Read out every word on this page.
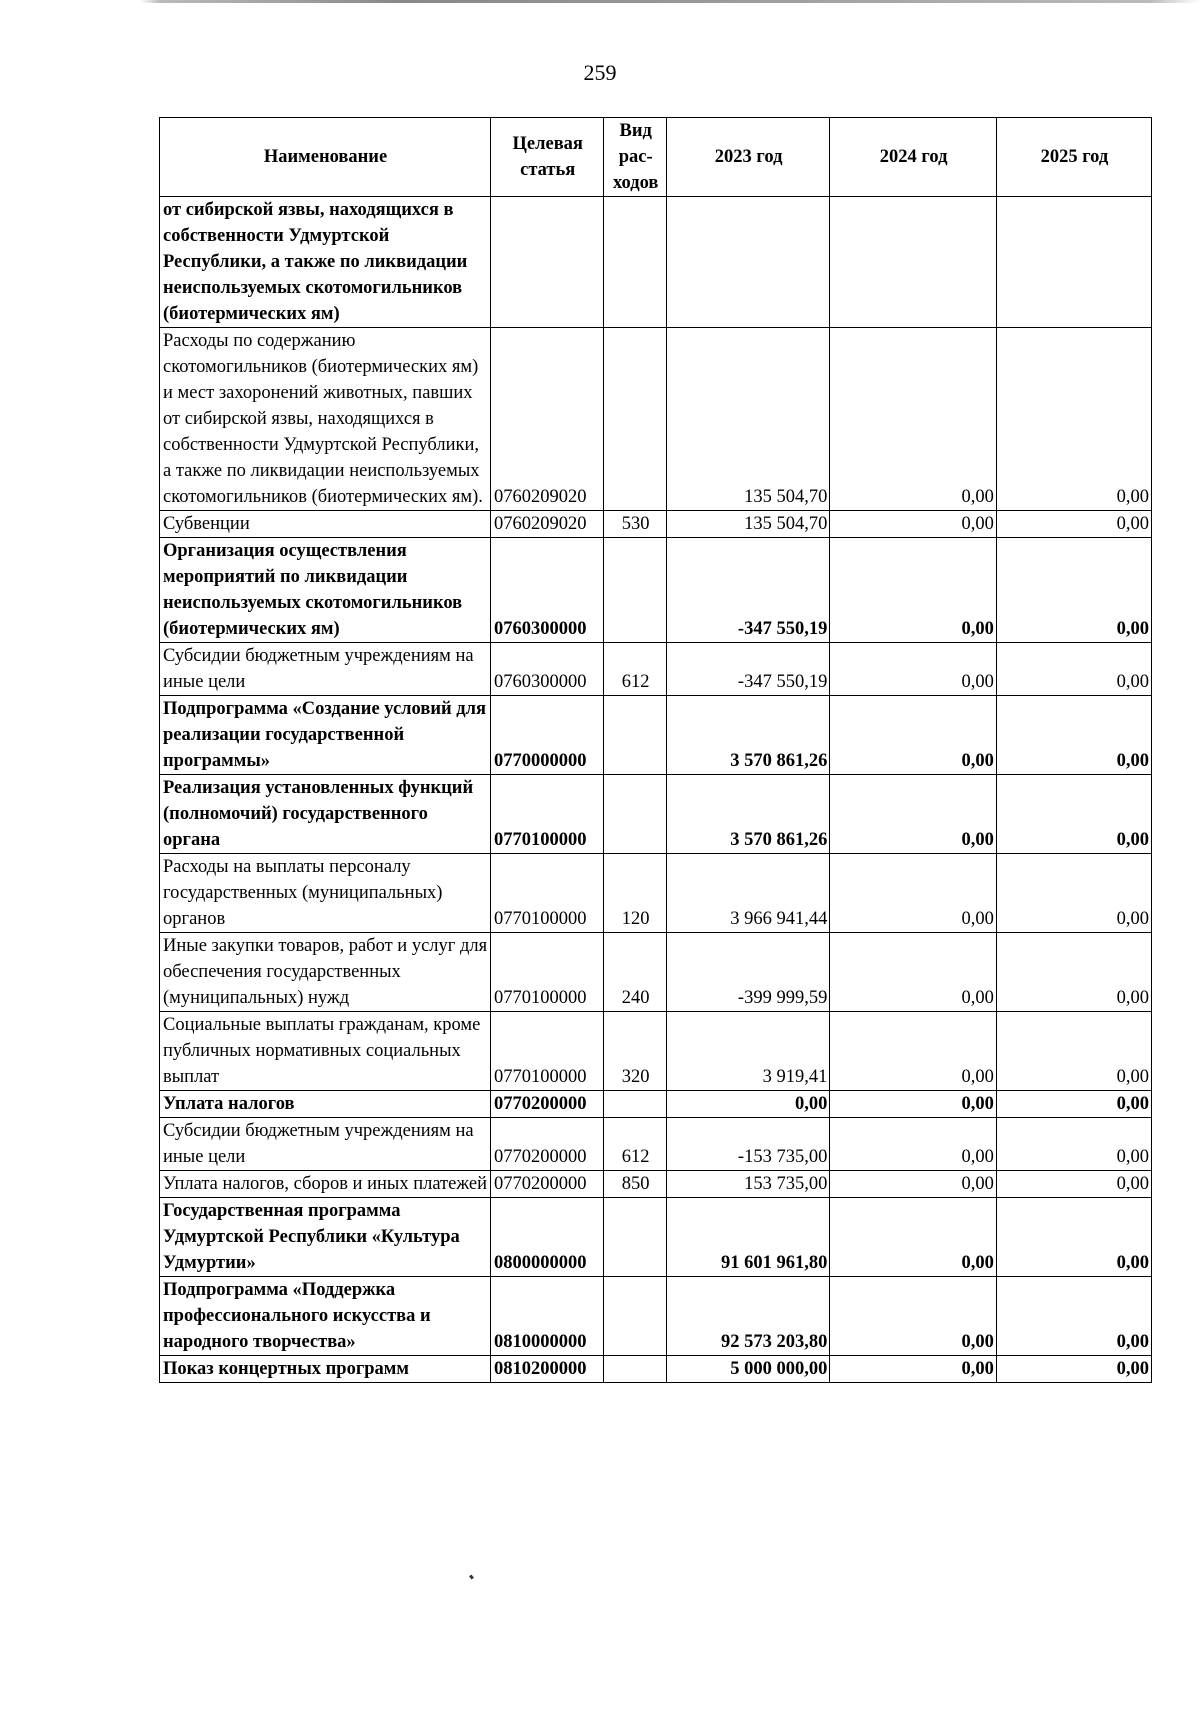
259
Наименование	Целевая статья	Вид рас- ходов	2023 год	2024 год	2025 год
от сибирской язвы, находящихся в собственности Удмуртской Республики, а также по ликвидации неиспользуемых скотомогильников (биотермических ям)					
Расходы по содержанию скотомогильников (биотермических ям) и мест захоронений животных, павших от сибирской язвы, находящихся в собственности Удмуртской Республики, а также по ликвидации неиспользуемых скотомогильников (биотермических ям).	0760209020		135 504,70	0,00	0,00
Субвенции	0760209020	530	135 504,70	0,00	0,00
Организация осуществления мероприятий по ликвидации неиспользуемых скотомогильников (биотермических ям)	0760300000		-347 550,19	0,00	0,00
Субсидии бюджетным учреждениям на иные цели	0760300000	612	-347 550,19	0,00	0,00
Подпрограмма «Создание условий для реализации государственной программы»	0770000000		3 570 861,26	0,00	0,00
Реализация установленных функций (полномочий) государственного органа	0770100000		3 570 861,26	0,00	0,00
Расходы на выплаты персоналу государственных (муниципальных) органов	0770100000	120	3 966 941,44	0,00	0,00
Иные закупки товаров, работ и услуг для обеспечения государственных (муниципальных) нужд	0770100000	240	-399 999,59	0,00	0,00
Социальные выплаты гражданам, кроме публичных нормативных социальных выплат	0770100000	320	3 919,41	0,00	0,00
Уплата налогов	0770200000		0,00	0,00	0,00
Субсидии бюджетным учреждениям на иные цели	0770200000	612	-153 735,00	0,00	0,00
Уплата налогов, сборов и иных платежей	0770200000	850	153 735,00	0,00	0,00
Государственная программа Удмуртской Республики «Культура Удмуртии»	0800000000		91 601 961,80	0,00	0,00
Подпрограмма «Поддержка профессионального искусства и народного творчества»	0810000000		92 573 203,80	0,00	0,00
Показ концертных программ	0810200000		5 000 000,00	0,00	0,00
